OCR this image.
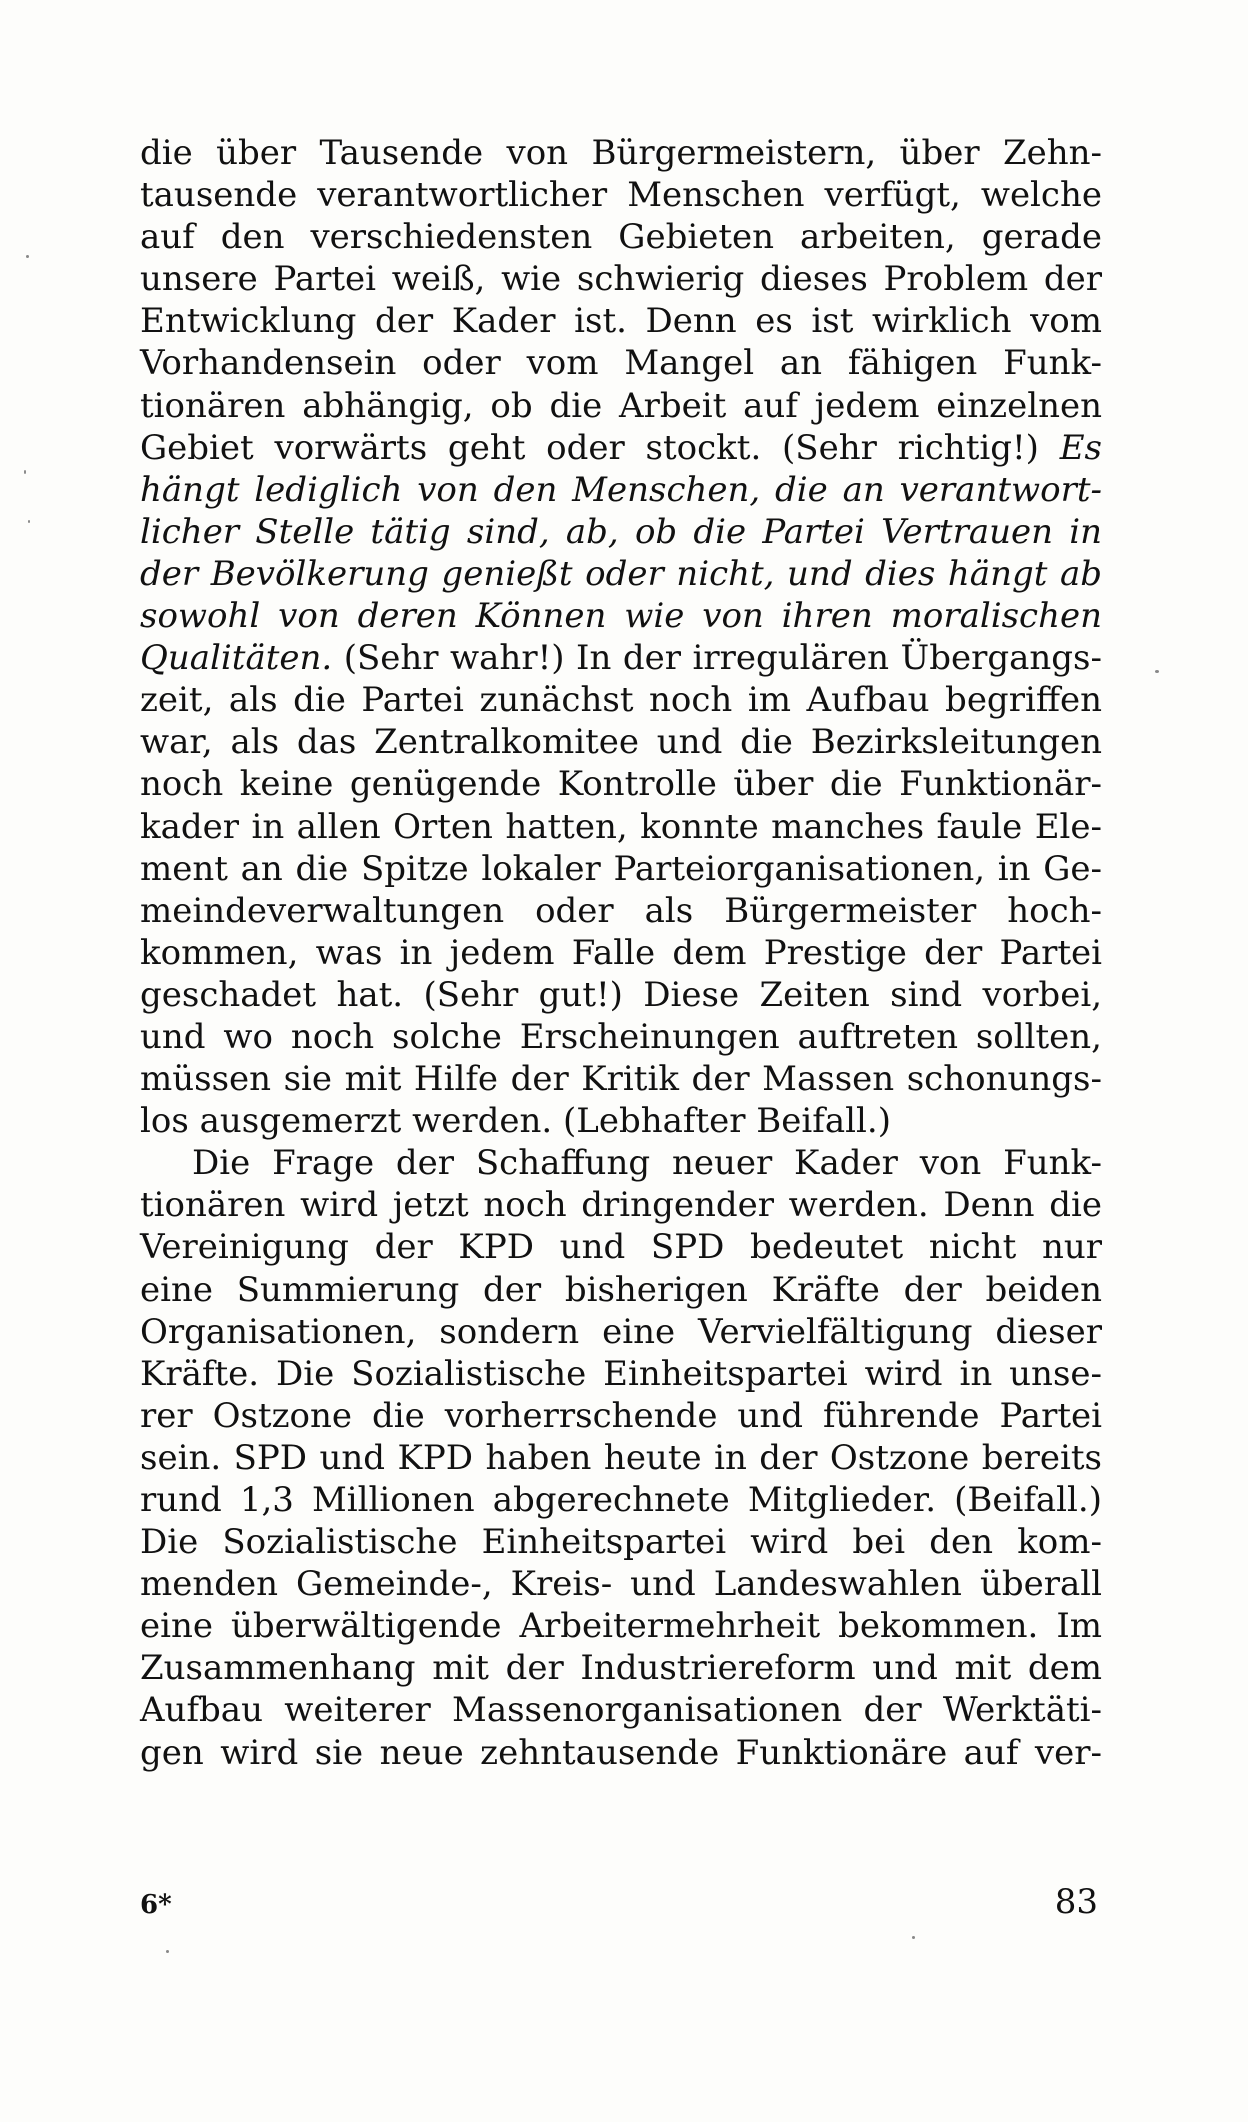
die über Tausende von Bürgermeistern, über Zehn-
tausende verantwortlicher Menschen verfügt, welche
auf den verschiedensten Gebieten arbeiten, gerade
unsere Partei weiß, wie schwierig dieses Problem der
Entwicklung der Kader ist. Denn es ist wirklich vom
Vorhandensein oder vom Mangel an fähigen Funk-
tionären abhängig, ob die Arbeit auf jedem einzelnen
Gebiet vorwärts geht oder stockt. (Sehr richtig!) Es
hängt lediglich von den Menschen, die an verantwort-
licher Stelle tätig sind, ab, ob die Partei Vertrauen in
der Bevölkerung genießt oder nicht, und dies hängt ab
sowohl von deren Können wie von ihren moralischen
Qualitäten. (Sehr wahr!) In der irregulären Übergangs-
zeit, als die Partei zunächst noch im Aufbau begriffen
war, als das Zentralkomitee und die Bezirksleitungen
noch keine genügende Kontrolle über die Funktionär-
kader in allen Orten hatten, konnte manches faule Ele-
ment an die Spitze lokaler Parteiorganisationen, in Ge-
meindeverwaltungen oder als Bürgermeister hoch-
kommen, was in jedem Falle dem Prestige der Partei
geschadet hat. (Sehr gut!) Diese Zeiten sind vorbei,
und wo noch solche Erscheinungen auftreten sollten,
müssen sie mit Hilfe der Kritik der Massen schonungs-
los ausgemerzt werden. (Lebhafter Beifall.)
Die Frage der Schaffung neuer Kader von Funk-
tionären wird jetzt noch dringender werden. Denn die
Vereinigung der KPD und SPD bedeutet nicht nur
eine Summierung der bisherigen Kräfte der beiden
Organisationen, sondern eine Vervielfältigung dieser
Kräfte. Die Sozialistische Einheitspartei wird in unse-
rer Ostzone die vorherrschende und führende Partei
sein. SPD und KPD haben heute in der Ostzone bereits
rund 1,3 Millionen abgerechnete Mitglieder. (Beifall.)
Die Sozialistische Einheitspartei wird bei den kom-
menden Gemeinde-, Kreis- und Landeswahlen überall
eine überwältigende Arbeitermehrheit bekommen. Im
Zusammenhang mit der Industriereform und mit dem
Aufbau weiterer Massenorganisationen der Werktäti-
gen wird sie neue zehntausende Funktionäre auf ver-
6*	83
